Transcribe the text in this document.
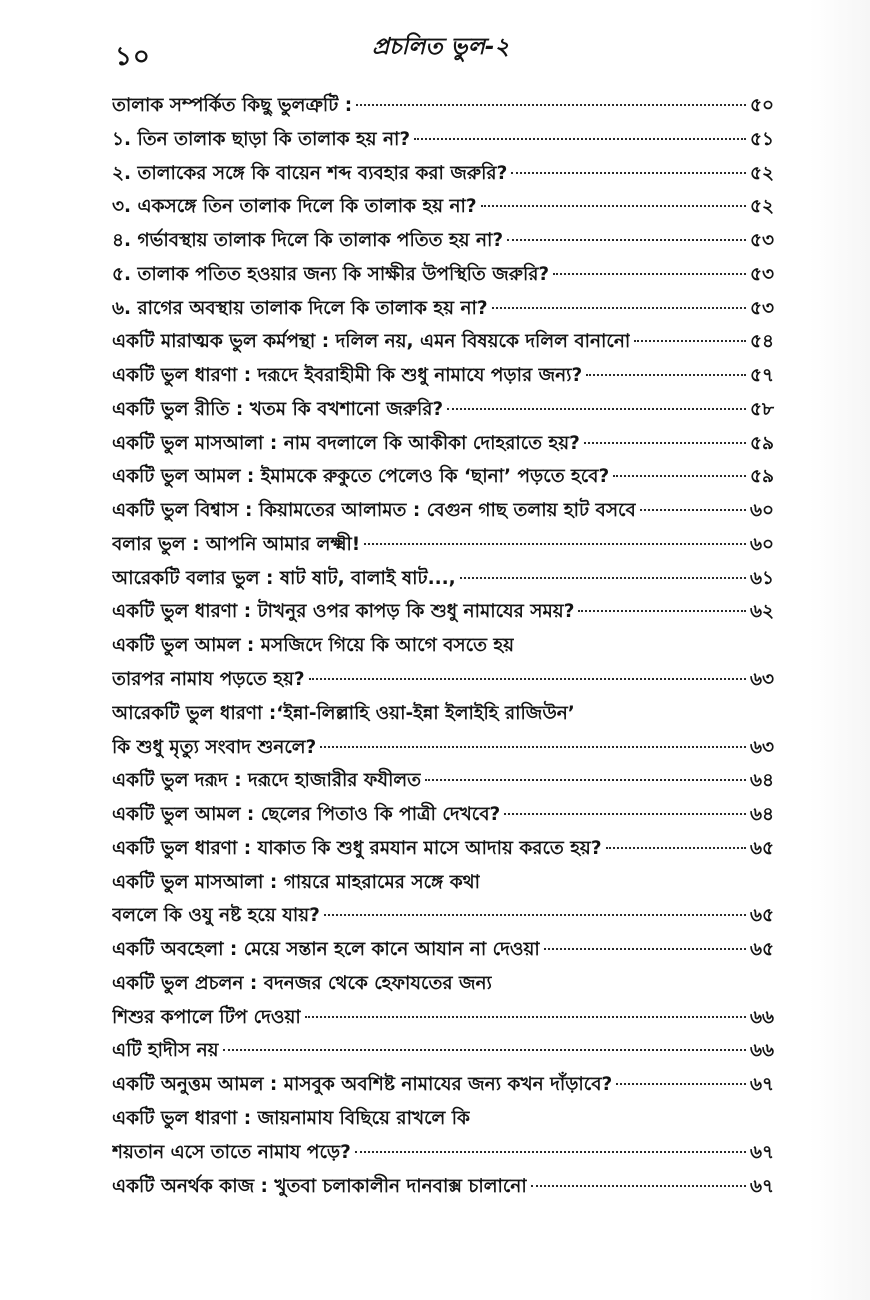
১০	প্রচলিত ভুল-২
তালাক সম্পর্কিত কিছু ভুলত্রুটি :	৫০
১. তিন তালাক ছাড়া কি তালাক হয় না?	৫১
২. তালাকের সঙ্গে কি বায়েন শব্দ ব্যবহার করা জরুরি?	৫২
৩. একসঙ্গে তিন তালাক দিলে কি তালাক হয় না?	৫২
৪. গর্ভাবস্থায় তালাক দিলে কি তালাক পতিত হয় না?	৫৩
৫. তালাক পতিত হওয়ার জন্য কি সাক্ষীর উপস্থিতি জরুরি?	৫৩
৬. রাগের অবস্থায় তালাক দিলে কি তালাক হয় না?	৫৩
একটি মারাত্মক ভুল কর্মপন্থা : দলিল নয়, এমন বিষয়কে দলিল বানানো	৫৪
একটি ভুল ধারণা : দরূদে ইবরাহীমী কি শুধু নামাযে পড়ার জন্য?	৫৭
একটি ভুল রীতি : খতম কি বখশানো জরুরি?	৫৮
একটি ভুল মাসআলা : নাম বদলালে কি আকীকা দোহরাতে হয়?	৫৯
একটি ভুল আমল : ইমামকে রুকুতে পেলেও কি ‘ছানা’ পড়তে হবে?	৫৯
একটি ভুল বিশ্বাস : কিয়ামতের আলামত : বেগুন গাছ তলায় হাট বসবে	৬০
বলার ভুল : আপনি আমার লক্ষ্মী!	৬০
আরেকটি বলার ভুল : ষাট ষাট, বালাই ষাট...,	৬১
একটি ভুল ধারণা : টাখনুর ওপর কাপড় কি শুধু নামাযের সময়?	৬২
একটি ভুল আমল : মসজিদে গিয়ে কি আগে বসতে হয়
তারপর নামায পড়তে হয়?	৬৩
আরেকটি ভুল ধারণা :‘ইন্না-লিল্লাহি ওয়া-ইন্না ইলাইহি রাজিউন’
কি শুধু মৃত্যু সংবাদ শুনলে?	৬৩
একটি ভুল দরূদ : দরূদে হাজারীর ফযীলত	৬৪
একটি ভুল আমল : ছেলের পিতাও কি পাত্রী দেখবে?	৬৪
একটি ভুল ধারণা : যাকাত কি শুধু রমযান মাসে আদায় করতে হয়?	৬৫
একটি ভুল মাসআলা : গায়রে মাহরামের সঙ্গে কথা
বললে কি ওযু নষ্ট হয়ে যায়?	৬৫
একটি অবহেলা : মেয়ে সন্তান হলে কানে আযান না দেওয়া	৬৫
একটি ভুল প্রচলন : বদনজর থেকে হেফাযতের জন্য
শিশুর কপালে টিপ দেওয়া	৬৬
এটি হাদীস নয়	৬৬
একটি অনুত্তম আমল : মাসবুক অবশিষ্ট নামাযের জন্য কখন দাঁড়াবে?	৬৭
একটি ভুল ধারণা : জায়নামায বিছিয়ে রাখলে কি
শয়তান এসে তাতে নামায পড়ে?	৬৭
একটি অনর্থক কাজ : খুতবা চলাকালীন দানবাক্স চালানো	৬৭
